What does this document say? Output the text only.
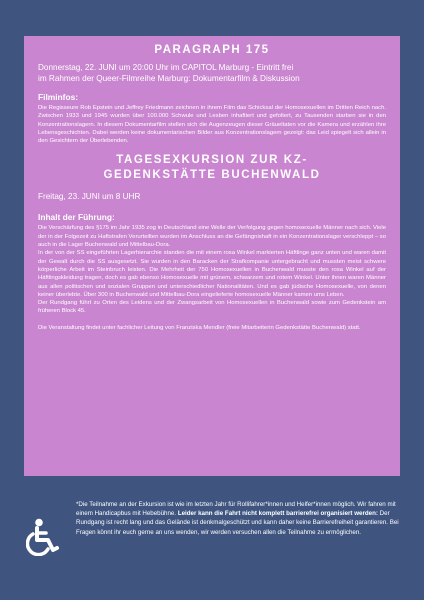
PARAGRAPH 175
Donnerstag, 22. JUNI um 20:00 Uhr im CAPITOL Marburg - Eintritt frei
im Rahmen der Queer-Filmreihe Marburg: Dokumentarfilm & Diskussion
Filminfos:

Die Regisseure Rob Epstein und Jeffrey Friedmann zeichnen in ihrem Film das Schicksal der Homosexuellen im Dritten Reich nach. Zwischen 1933 und 1945 wurden über 100.000 Schwule und Lesben inhaftiert und gefoltert, zu Tausenden starben sie in den Konzentrationslagern. In diesem Dokumentarfilm stellen sich die Augenzeugen dieser Gräueltaten vor die Kamera und erzählen ihre Lebensgeschichten. Dabei werden keine dokumentarischen Bilder aus Konzentrationslagern gezeigt: das Leid spiegelt sich allein in den Gesichtern der Überlebenden.

TAGESEXKURSION ZUR KZ-
GEDENKSTÄTTE BUCHENWALD
Freitag, 23. JUNI um 8 UHR
Inhalt der Führung:

Die Verschärfung des §175 im Jahr 1935 zog in Deutschland eine Welle der Verfolgung gegen homosexuelle Männer nach sich. Viele der in der Folgezeit zu Haftstrafen Verurteilten wurden im Anschluss an die Gefängnishaft in ein Konzentrationslager verschleppt – so auch in die Lager Buchenwald und Mittelbau-Dora.

In der von der SS eingeführten Lagerhierarchie standen die mit einem rosa Winkel markierten Häftlinge ganz unten und waren damit der Gewalt durch die SS ausgesetzt. Sie wurden in den Baracken der Strafkompanie untergebracht und mussten meist schwere körperliche Arbeit im Steinbruch leisten. Die Mehrheit der 750 Homosexuellen in Buchenwald musste den rosa Winkel auf der Häftlingskleidung tragen, doch es gab ebenso Homosexuelle mit grünem, schwarzem und rotem Winkel. Unter ihnen waren Männer aus allen politischen und sozialen Gruppen und unterschiedlicher Nationalitäten. Und es gab jüdische Homosexuelle, von denen keiner überlebte. Über 300 in Buchenwald und Mittelbau-Dora eingelieferte homosexuelle Männer kamen ums Leben.

Der Rundgang führt zu Orten des Leidens und der Zwangsarbeit von Homosexuellen in Buchenwald sowie zum Gedenkstein am früheren Block 45.

Die Veranstaltung findet unter fachlicher Leitung von Franziska Mendler (freie Mitarbeiterin Gedenkstätte Buchenwald) statt.

*Die Teilnahme an der Exkursion ist wie im letzten Jahr für Rollifahrer*innen und Helfer*innen möglich. Wir fahren mit einem Handicapbus mit Hebebühne. Leider kann die Fahrt nicht komplett barrierefrei organisiert werden: Der Rundgang ist recht lang und das Gelände ist denkmalgeschützt und kann daher keine Barrierefreiheit garantieren. Bei Fragen könnt ihr euch gerne an uns wenden, wir werden versuchen allen die Teilnahme zu ermöglichen.
